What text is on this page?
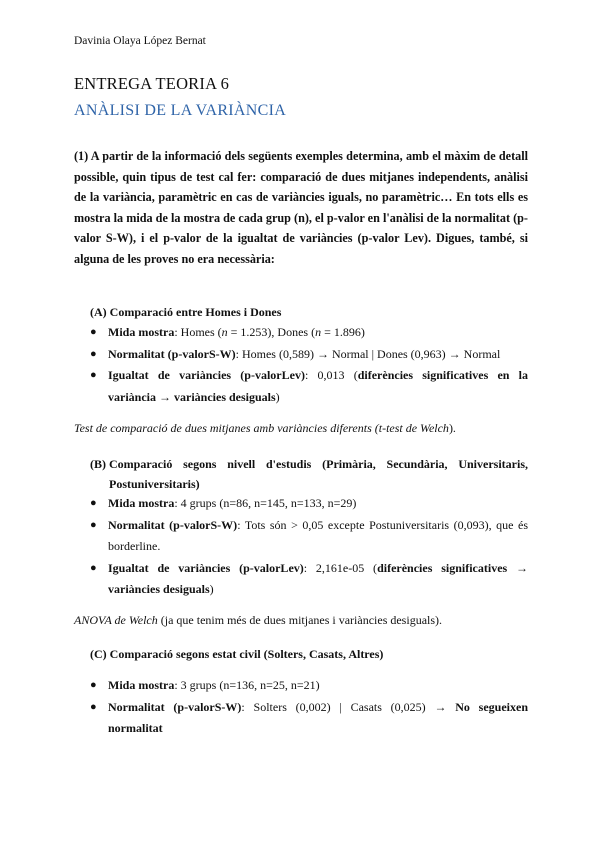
Davinia Olaya López Bernat
ENTREGA TEORIA 6
ANÀLISI DE LA VARIÀNCIA
(1) A partir de la informació dels següents exemples determina, amb el màxim de detall possible, quin tipus de test cal fer: comparació de dues mitjanes independents, anàlisi de la variància, paramètric en cas de variàncies iguals, no paramètric… En tots ells es mostra la mida de la mostra de cada grup (n), el p-valor en l'anàlisi de la normalitat (p-valor S-W), i el p-valor de la igualtat de variàncies (p-valor Lev). Digues, també, si alguna de les proves no era necessària:
(A) Comparació entre Homes i Dones
● Mida mostra: Homes (n = 1.253), Dones (n = 1.896)
● Normalitat (p-valorS-W): Homes (0,589) → Normal | Dones (0,963) → Normal
● Igualtat de variàncies (p-valorLev): 0,013 (diferències significatives en la variància → variàncies desiguals)
Test de comparació de dues mitjanes amb variàncies diferents (t-test de Welch).
(B) Comparació segons nivell d'estudis (Primària, Secundària, Universitaris, Postuniversitaris)
● Mida mostra: 4 grups (n=86, n=145, n=133, n=29)
● Normalitat (p-valorS-W): Tots són > 0,05 excepte Postuniversitaris (0,093), que és borderline.
● Igualtat de variàncies (p-valorLev): 2,161e-05 (diferències significatives → variàncies desiguals)
ANOVA de Welch (ja que tenim més de dues mitjanes i variàncies desiguals).
(C) Comparació segons estat civil (Solters, Casats, Altres)
● Mida mostra: 3 grups (n=136, n=25, n=21)
● Normalitat (p-valorS-W): Solters (0,002) | Casats (0,025) → No segueixen normalitat
